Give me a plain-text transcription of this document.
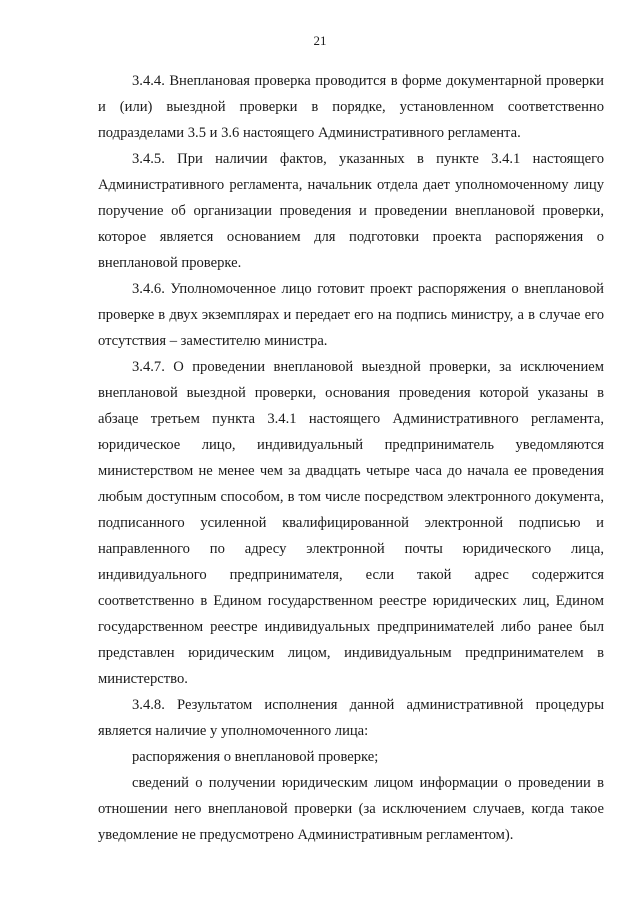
21

3.4.4. Внеплановая проверка проводится в форме документарной проверки и (или) выездной проверки в порядке, установленном соответственно подразделами 3.5 и 3.6 настоящего Административного регламента.

3.4.5. При наличии фактов, указанных в пункте 3.4.1 настоящего Административного регламента, начальник отдела дает уполномоченному лицу поручение об организации проведения и проведении внеплановой проверки, которое является основанием для подготовки проекта распоряжения о внеплановой проверке.

3.4.6. Уполномоченное лицо готовит проект распоряжения о внеплановой проверке в двух экземплярах и передает его на подпись министру, а в случае его отсутствия – заместителю министра.

3.4.7. О проведении внеплановой выездной проверки, за исключением внеплановой выездной проверки, основания проведения которой указаны в абзаце третьем пункта 3.4.1 настоящего Административного регламента, юридическое лицо, индивидуальный предприниматель уведомляются министерством не менее чем за двадцать четыре часа до начала ее проведения любым доступным способом, в том числе посредством электронного документа, подписанного усиленной квалифицированной электронной подписью и направленного по адресу электронной почты юридического лица, индивидуального предпринимателя, если такой адрес содержится соответственно в Едином государственном реестре юридических лиц, Едином государственном реестре индивидуальных предпринимателей либо ранее был представлен юридическим лицом, индивидуальным предпринимателем в министерство.

3.4.8. Результатом исполнения данной административной процедуры является наличие у уполномоченного лица:

распоряжения о внеплановой проверке;

сведений о получении юридическим лицом информации о проведении в отношении него внеплановой проверки (за исключением случаев, когда такое уведомление не предусмотрено Административным регламентом).
